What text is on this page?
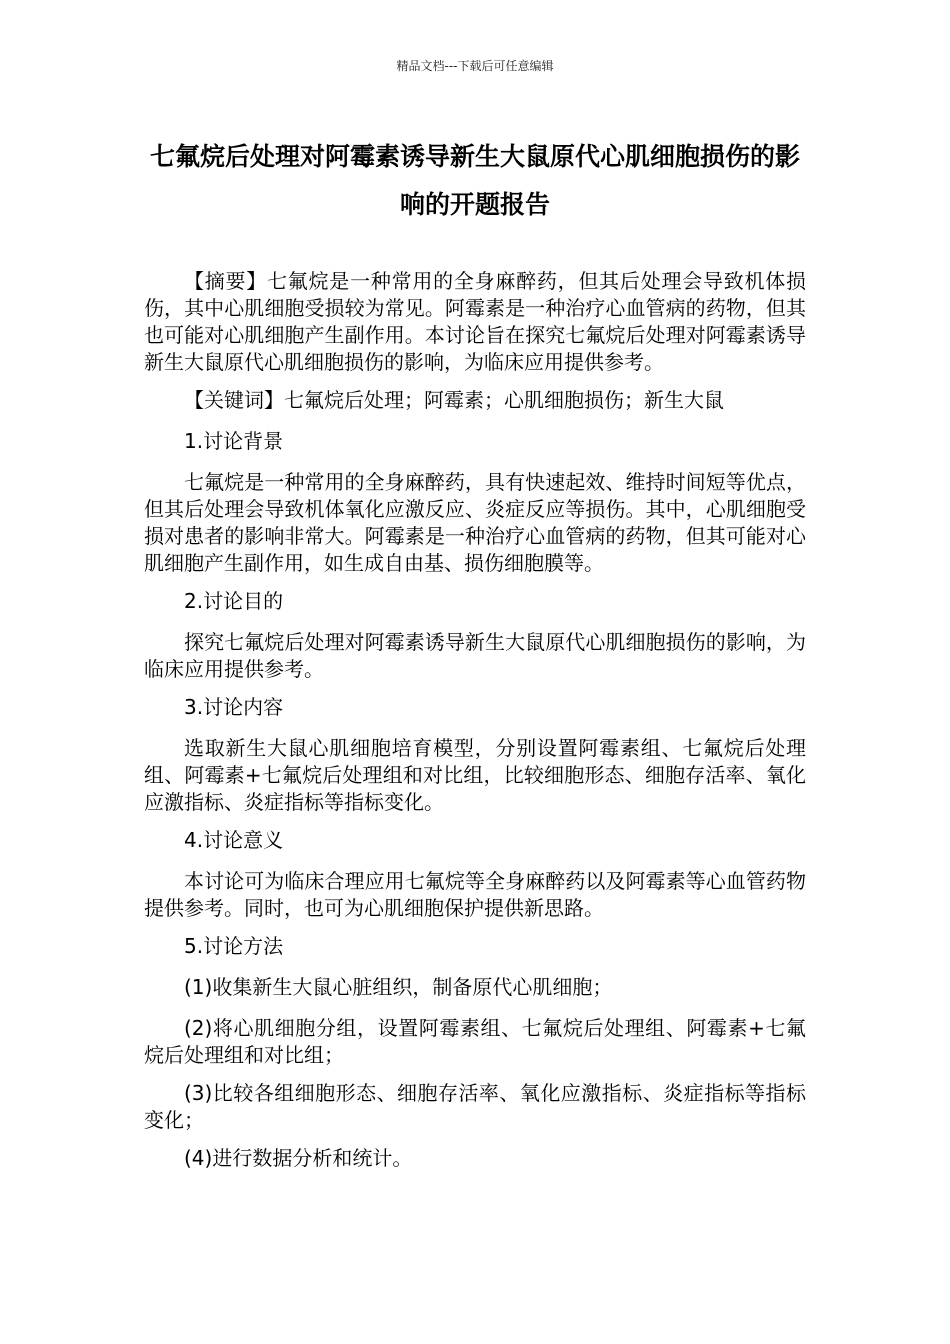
精品文档---下载后可任意编辑
七氟烷后处理对阿霉素诱导新生大鼠原代心肌细胞损伤的影响的开题报告

【摘要】七氟烷是一种常用的全身麻醉药，但其后处理会导致机体损伤，其中心肌细胞受损较为常见。阿霉素是一种治疗心血管病的药物，但其也可能对心肌细胞产生副作用。本讨论旨在探究七氟烷后处理对阿霉素诱导新生大鼠原代心肌细胞损伤的影响，为临床应用提供参考。

【关键词】七氟烷后处理；阿霉素；心肌细胞损伤；新生大鼠

1.讨论背景

七氟烷是一种常用的全身麻醉药，具有快速起效、维持时间短等优点，但其后处理会导致机体氧化应激反应、炎症反应等损伤。其中，心肌细胞受损对患者的影响非常大。阿霉素是一种治疗心血管病的药物，但其可能对心肌细胞产生副作用，如生成自由基、损伤细胞膜等。

2.讨论目的

探究七氟烷后处理对阿霉素诱导新生大鼠原代心肌细胞损伤的影响，为临床应用提供参考。

3.讨论内容

选取新生大鼠心肌细胞培育模型，分别设置阿霉素组、七氟烷后处理组、阿霉素+七氟烷后处理组和对比组，比较细胞形态、细胞存活率、氧化应激指标、炎症指标等指标变化。

4.讨论意义

本讨论可为临床合理应用七氟烷等全身麻醉药以及阿霉素等心血管药物提供参考。同时，也可为心肌细胞保护提供新思路。

5.讨论方法

(1)收集新生大鼠心脏组织，制备原代心肌细胞；

(2)将心肌细胞分组，设置阿霉素组、七氟烷后处理组、阿霉素+七氟烷后处理组和对比组；

(3)比较各组细胞形态、细胞存活率、氧化应激指标、炎症指标等指标变化；

(4)进行数据分析和统计。
